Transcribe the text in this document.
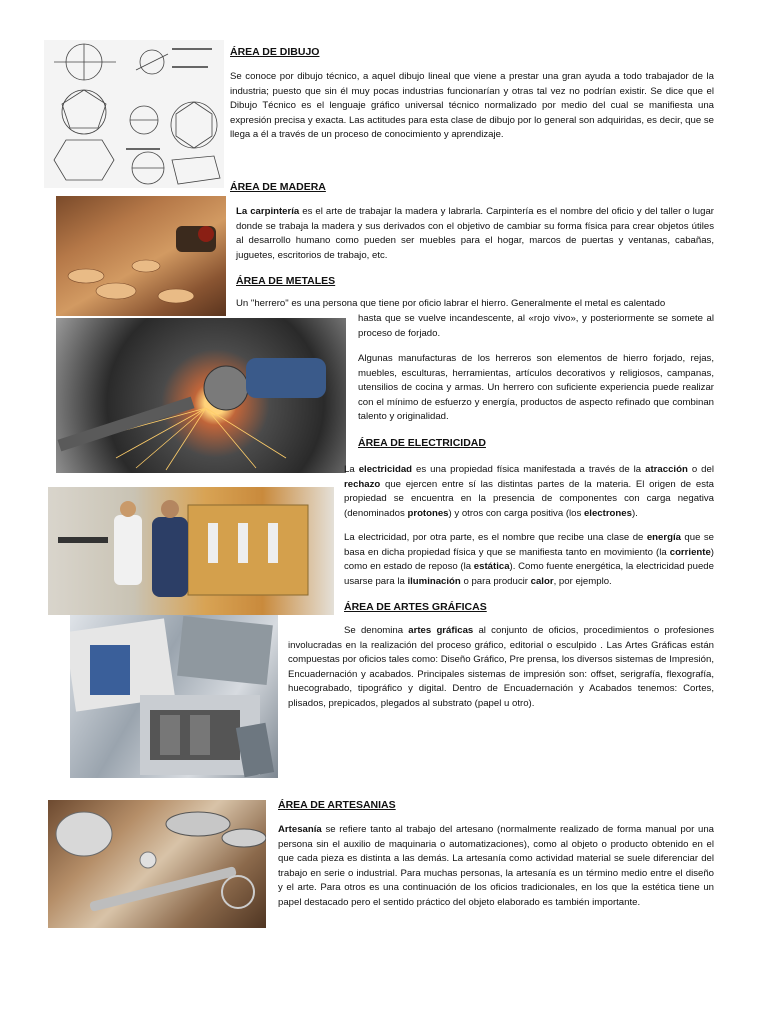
ÁREA DE DIBUJO
Se conoce por dibujo técnico, a aquel dibujo lineal que viene a prestar una gran ayuda a todo trabajador de la industria; puesto que sin él muy pocas industrias funcionarían y otras tal vez no podrían existir. Se dice que el Dibujo Técnico es el lenguaje gráfico universal técnico normalizado por medio del cual se manifiesta una expresión precisa y exacta. Las actitudes para esta clase de dibujo por lo general son adquiridas, es decir, que se llega a él a través de un proceso de conocimiento y aprendizaje.
ÁREA DE MADERA
La carpintería es el arte de trabajar la madera y labrarla. Carpintería es el nombre del oficio y del taller o lugar donde se trabaja la madera y sus derivados con el objetivo de cambiar su forma física para crear objetos útiles al desarrollo humano como pueden ser muebles para el hogar, marcos de puertas y ventanas, cabañas, juguetes, escritorios de trabajo, etc.
ÁREA DE METALES
Un "herrero" es una persona que tiene por oficio labrar el hierro. Generalmente el metal es calentado
hasta que se vuelve incandescente, al «rojo vivo», y posteriormente se somete al proceso de forjado.
Algunas manufacturas de los herreros son elementos de hierro forjado, rejas, muebles, esculturas, herramientas, artículos decorativos y religiosos, campanas, utensilios de cocina y armas. Un herrero con suficiente experiencia puede realizar con el mínimo de esfuerzo y energía, productos de aspecto refinado que combinan talento y originalidad.
ÁREA DE ELECTRICIDAD
La electricidad es una propiedad física manifestada a través de la atracción o del rechazo que ejercen entre sí las distintas partes de la materia. El origen de esta propiedad se encuentra en la presencia de componentes con carga negativa (denominados protones) y otros con carga positiva (los electrones).
La electricidad, por otra parte, es el nombre que recibe una clase de energía que se basa en dicha propiedad física y que se manifiesta tanto en movimiento (la corriente) como en estado de reposo (la estática). Como fuente energética, la electricidad puede usarse para la iluminación o para producir calor, por ejemplo.
ÁREA DE ARTES GRÁFICAS
Se denomina artes gráficas al conjunto de oficios, procedimientos o profesiones involucradas en la realización del proceso gráfico, editorial o esculpido . Las Artes Gráficas están compuestas por oficios tales como: Diseño Gráfico, Pre prensa, los diversos sistemas de Impresión, Encuadernación y acabados. Principales sistemas de impresión son: offset, serigrafía, flexografía, huecograbado, tipográfico y digital. Dentro de Encuadernación y Acabados tenemos: Cortes, plisados, prepicados, plegados al substrato (papel u otro).
ÁREA DE ARTESANIAS
Artesanía se refiere tanto al trabajo del artesano (normalmente realizado de forma manual por una persona sin el auxilio de maquinaria o automatizaciones), como al objeto o producto obtenido en el que cada pieza es distinta a las demás. La artesanía como actividad material se suele diferenciar del trabajo en serie o industrial. Para muchas personas, la artesanía es un término medio entre el diseño y el arte. Para otros es una continuación de los oficios tradicionales, en los que la estética tiene un papel destacado pero el sentido práctico del objeto elaborado es también importante.
